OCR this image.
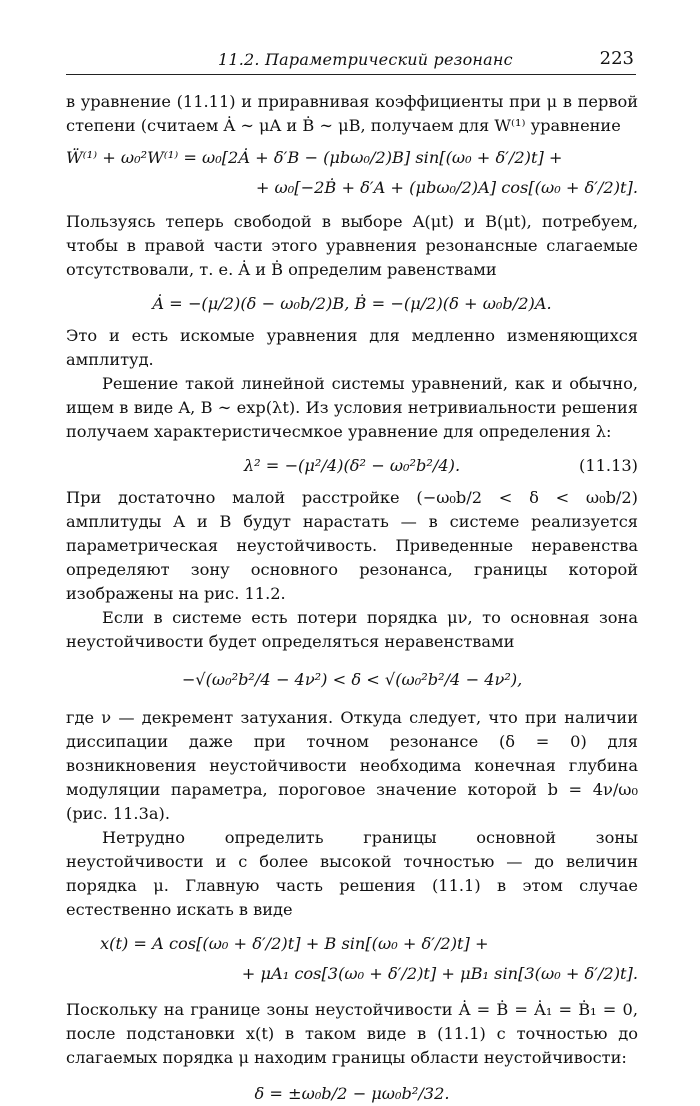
11.2. Параметрический резонанс	223

в уравнение (11.11) и приравнивая коэффициенты при μ в первой степени (считаем Ȧ ∼ μA и Ḃ ∼ μB, получаем для W⁽¹⁾ уравнение

Ẅ⁽¹⁾ + ω₀²W⁽¹⁾ = ω₀[2Ȧ + δ′B − (μbω₀/2)B] sin[(ω₀ + δ′/2)t] +
+ ω₀[−2Ḃ + δ′A + (μbω₀/2)A] cos[(ω₀ + δ′/2)t].

Пользуясь теперь свободой в выборе A(μt) и B(μt), потребуем, чтобы в правой части этого уравнения резонансные слагаемые отсутствовали, т. е. Ȧ и Ḃ определим равенствами

Ȧ = −(μ/2)(δ − ω₀b/2)B, Ḃ = −(μ/2)(δ + ω₀b/2)A.

Это и есть искомые уравнения для медленно изменяющихся амплитуд.

Решение такой линейной системы уравнений, как и обычно, ищем в виде A, B ∼ exp(λt). Из условия нетривиальности решения получаем характеристичесмкое уравнение для определения λ:

λ² = −(μ²/4)(δ² − ω₀²b²/4).	(11.13)

При достаточно малой расстройке (−ω₀b/2 < δ < ω₀b/2) амплитуды A и B будут нарастать — в системе реализуется параметрическая неустойчивость. Приведенные неравенства определяют зону основного резонанса, границы которой изображены на рис. 11.2.

Если в системе есть потери порядка μν, то основная зона неустойчивости будет определяться неравенствами

−√(ω₀²b²/4 − 4ν²) < δ < √(ω₀²b²/4 − 4ν²),

где ν — декремент затухания. Откуда следует, что при наличии диссипации даже при точном резонансе (δ = 0) для возникновения неустойчивости необходима конечная глубина модуляции параметра, пороговое значение которой b = 4ν/ω₀ (рис. 11.3а).

Нетрудно определить границы основной зоны неустойчивости и с более высокой точностью — до величин порядка μ. Главную часть решения (11.1) в этом случае естественно искать в виде

x(t) = A cos[(ω₀ + δ′/2)t] + B sin[(ω₀ + δ′/2)t] +
+ μA₁ cos[3(ω₀ + δ′/2)t] + μB₁ sin[3(ω₀ + δ′/2)t].

Поскольку на границе зоны неустойчивости Ȧ = Ḃ = Ȧ₁ = Ḃ₁ = 0, после подстановки x(t) в таком виде в (11.1) с точностью до слагаемых порядка μ находим границы области неустойчивости:

δ = ±ω₀b/2 − μω₀b²/32.
